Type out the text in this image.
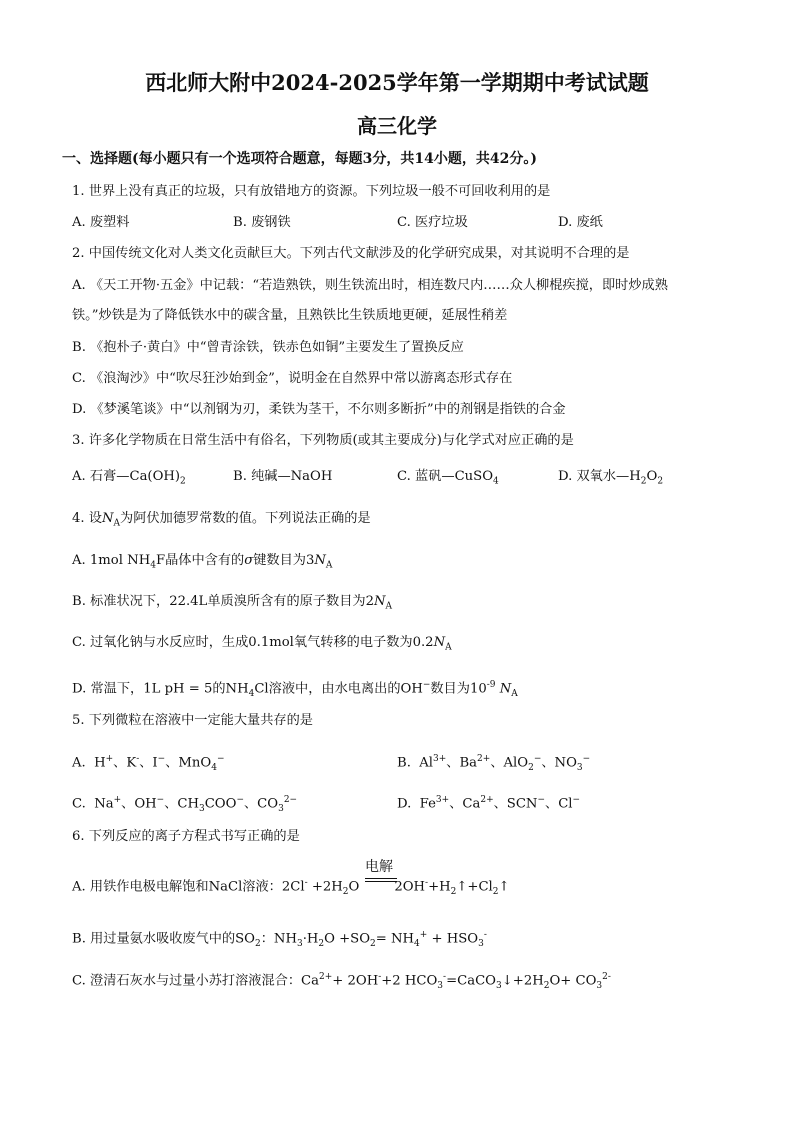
西北师大附中2024-2025学年第一学期期中考试试题
高三化学
一、选择题(每小题只有一个选项符合题意，每题3分，共14小题，共42分。)
1. 世界上没有真正的垃圾，只有放错地方的资源。下列垃圾一般不可回收利用的是
A. 废塑料	B. 废钢铁	C. 医疗垃圾	D. 废纸
2. 中国传统文化对人类文化贡献巨大。下列古代文献涉及的化学研究成果，对其说明不合理的是
A. 《天工开物·五金》中记载：“若造熟铁，则生铁流出时，相连数尺内……众人柳棍疾搅，即时炒成熟
铁。”炒铁是为了降低铁水中的碳含量，且熟铁比生铁质地更硬，延展性稍差
B. 《抱朴子·黄白》中“曾青涂铁，铁赤色如铜”主要发生了置换反应
C. 《浪淘沙》中“吹尽狂沙始到金”，说明金在自然界中常以游离态形式存在
D. 《梦溪笔谈》中“以剂钢为刃，柔铁为茎干，不尔则多断折”中的剂钢是指铁的合金
3. 许多化学物质在日常生活中有俗名，下列物质(或其主要成分)与化学式对应正确的是
A. 石膏$—Ca(OH)_2$	B. 纯碱—NaOH	C. 蓝矾—CuSO$_4$	D. 双氧水$—H_2O_2$
4. 设$N_A$为阿伏加德罗常数的值。下列说法正确的是
A. 1mol $NH_4F$晶体中含有的σ键数目为$3N_A$
B. 标准状况下，22.4L单质溴所含有的原子数目为$2N_A$
C. 过氧化钠与水反应时，生成0.1mol氧气转移的电子数为$0.2N_A$
D. 常温下，1L pH = 5的$NH_4Cl$溶液中，由水电离出的OH−数目为$10^{-9}$ $N_A$
5. 下列微粒在溶液中一定能大量共存的是
A.  H+、K-、I−、MnO$_4$−	B.  $Al^{3+}$、$Ba^{2+}$、AlO$_2$−、$NO_3^-$
C.  Na+、OH−、$CH_3COO^-$、$CO_3^{2-}$	D.  $Fe^{3+}$、$Ca^{2+}$、SCN−、Cl−
6. 下列反应的离子方程式书写正确的是
电解
A. 用铁作电极电解饱和NaCl溶液：$2Cl^- +2H_2O$	$2OH^-+H_2↑+Cl_2↑$
B. 用过量氨水吸收废气中的$SO_2$：$NH_3\cdot H_2O +SO_2= NH_4^+ + HSO_3^-$
C. 澄清石灰水与过量小苏打溶液混合：$Ca^{2+}+ 2OH^-+2$ $HCO_3^-=CaCO_3↓+2H_2O+ CO_3^{2-}$
